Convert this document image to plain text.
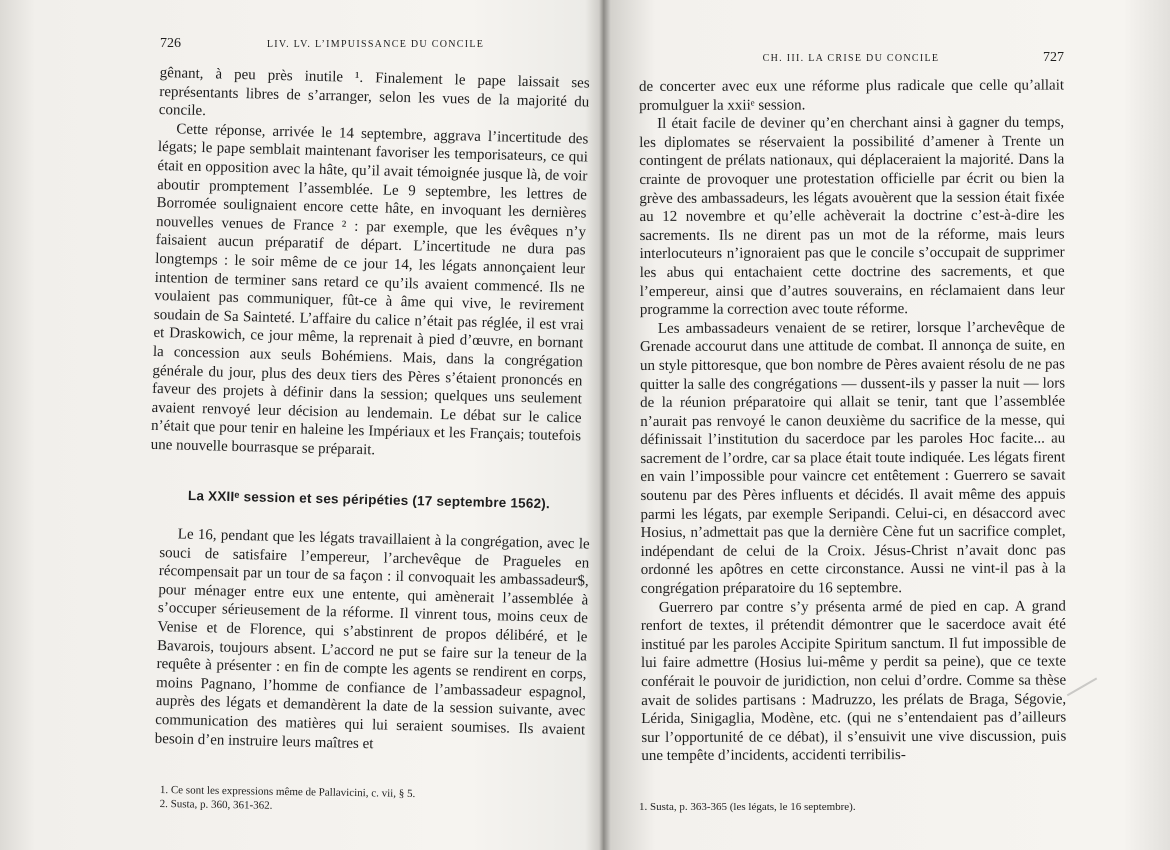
726	LIV. LV. L’IMPUISSANCE DU CONCILE

gênant, à peu près inutile ¹. Finalement le pape laissait ses représentants libres de s’arranger, selon les vues de la majorité du concile.

Cette réponse, arrivée le 14 septembre, aggrava l’incertitude des légats; le pape semblait maintenant favoriser les temporisateurs, ce qui était en opposition avec la hâte, qu’il avait témoignée jusque là, de voir aboutir promptement l’assemblée. Le 9 septembre, les lettres de Borromée soulignaient encore cette hâte, en invoquant les dernières nouvelles venues de France ² : par exemple, que les évêques n’y faisaient aucun préparatif de départ. L’incertitude ne dura pas longtemps : le soir même de ce jour 14, les légats annonçaient leur intention de terminer sans retard ce qu’ils avaient commencé. Ils ne voulaient pas communiquer, fût-ce à âme qui vive, le revirement soudain de Sa Sainteté. L’affaire du calice n’était pas réglée, il est vrai et Draskowich, ce jour même, la reprenait à pied d’œuvre, en bornant la concession aux seuls Bohémiens. Mais, dans la congrégation générale du jour, plus des deux tiers des Pères s’étaient prononcés en faveur des projets à définir dans la session; quelques uns seulement avaient renvoyé leur décision au lendemain. Le débat sur le calice n’était que pour tenir en haleine les Impériaux et les Français; toutefois une nouvelle bourrasque se préparait.

La XXIIᵉ session et ses péripéties (17 septembre 1562).

Le 16, pendant que les légats travaillaient à la congrégation, avec le souci de satisfaire l’empereur, l’archevêque de Pragueles en récompensait par un tour de sa façon : il convoquait les ambassadeur$, pour ménager entre eux une entente, qui amènerait l’assemblée à s’occuper sérieusement de la réforme. Il vinrent tous, moins ceux de Venise et de Florence, qui s’abstinrent de propos délibéré, et le Bavarois, toujours absent. L’accord ne put se faire sur la teneur de la requête à présenter : en fin de compte les agents se rendirent en corps, moins Pagnano, l’homme de confiance de l’ambassadeur espagnol, auprès des légats et demandèrent la date de la session suivante, avec communication des matières qui lui seraient soumises. Ils avaient besoin d’en instruire leurs maîtres et

1. Ce sont les expressions même de Pallavicini, c. vii, § 5.
2. Susta, p. 360, 361-362.
CH. III. LA CRISE DU CONCILE	727

de concerter avec eux une réforme plus radicale que celle qu’allait promulguer la xxiiᵉ session.

Il était facile de deviner qu’en cherchant ainsi à gagner du temps, les diplomates se réservaient la possibilité d’amener à Trente un contingent de prélats nationaux, qui déplaceraient la majorité. Dans la crainte de provoquer une protestation officielle par écrit ou bien la grève des ambassadeurs, les légats avouèrent que la session était fixée au 12 novembre et qu’elle achèverait la doctrine c’est-à-dire les sacrements. Ils ne dirent pas un mot de la réforme, mais leurs interlocuteurs n’ignoraient pas que le concile s’occupait de supprimer les abus qui entachaient cette doctrine des sacrements, et que l’empereur, ainsi que d’autres souverains, en réclamaient dans leur programme la correction avec toute réforme.

Les ambassadeurs venaient de se retirer, lorsque l’archevêque de Grenade accourut dans une attitude de combat. Il annonça de suite, en un style pittoresque, que bon nombre de Pères avaient résolu de ne pas quitter la salle des congrégations — dussent-ils y passer la nuit — lors de la réunion préparatoire qui allait se tenir, tant que l’assemblée n’aurait pas renvoyé le canon deuxième du sacrifice de la messe, qui définissait l’institution du sacerdoce par les paroles Hoc facite... au sacrement de l’ordre, car sa place était toute indiquée. Les légats firent en vain l’impossible pour vaincre cet entêtement : Guerrero se savait soutenu par des Pères influents et décidés. Il avait même des appuis parmi les légats, par exemple Seripandi. Celui-ci, en désaccord avec Hosius, n’admettait pas que la dernière Cène fut un sacrifice complet, indépendant de celui de la Croix. Jésus-Christ n’avait donc pas ordonné les apôtres en cette circonstance. Aussi ne vint-il pas à la congrégation préparatoire du 16 septembre.

Guerrero par contre s’y présenta armé de pied en cap. A grand renfort de textes, il prétendit démontrer que le sacerdoce avait été institué par les paroles Accipite Spiritum sanctum. Il fut impossible de lui faire admettre (Hosius lui-même y perdit sa peine), que ce texte conférait le pouvoir de juridiction, non celui d’ordre. Comme sa thèse avait de solides partisans : Madruzzo, les prélats de Braga, Ségovie, Lérida, Sinigaglia, Modène, etc. (qui ne s’entendaient pas d’ailleurs sur l’opportunité de ce débat), il s’ensuivit une vive discussion, puis une tempête d’incidents, accidenti terribilis-

1. Susta, p. 363-365 (les légats, le 16 septembre).
